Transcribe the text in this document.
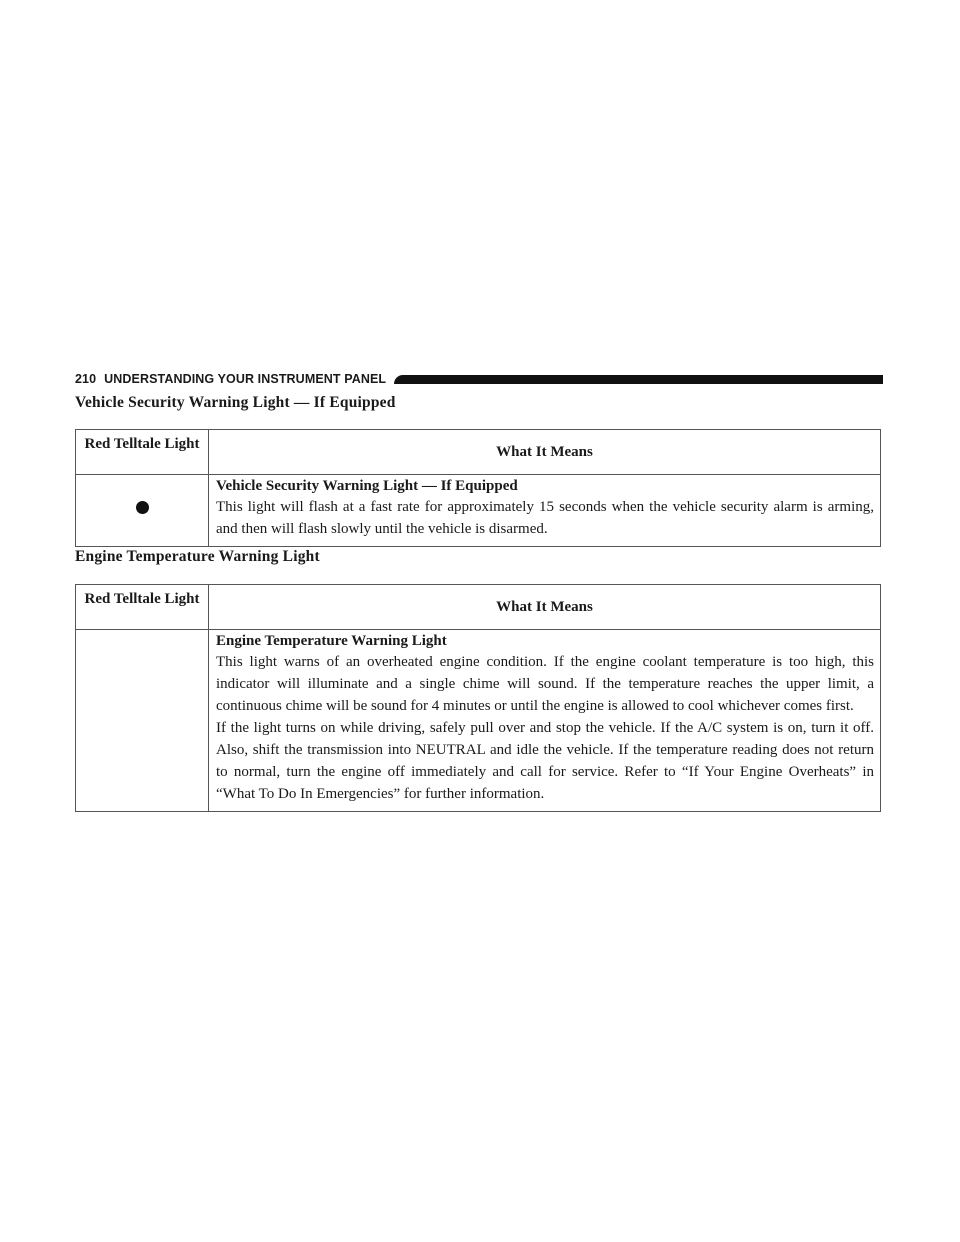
210 UNDERSTANDING YOUR INSTRUMENT PANEL
Vehicle Security Warning Light — If Equipped
Red Telltale Light	What It Means

	Vehicle Security Warning Light — If Equipped
This light will flash at a fast rate for approximately 15 seconds when the vehicle security alarm is arming, and then will flash slowly until the vehicle is disarmed.
Engine Temperature Warning Light
Red Telltale Light	What It Means

	Engine Temperature Warning Light
This light warns of an overheated engine condition. If the engine coolant temperature is too high, this indicator will illuminate and a single chime will sound. If the temperature reaches the upper limit, a continuous chime will be sound for 4 minutes or until the engine is allowed to cool whichever comes first.
If the light turns on while driving, safely pull over and stop the vehicle. If the A/C system is on, turn it off. Also, shift the transmission into NEUTRAL and idle the vehicle. If the temperature reading does not return to normal, turn the engine off immediately and call for service. Refer to “If Your Engine Overheats” in “What To Do In Emergencies” for further information.
